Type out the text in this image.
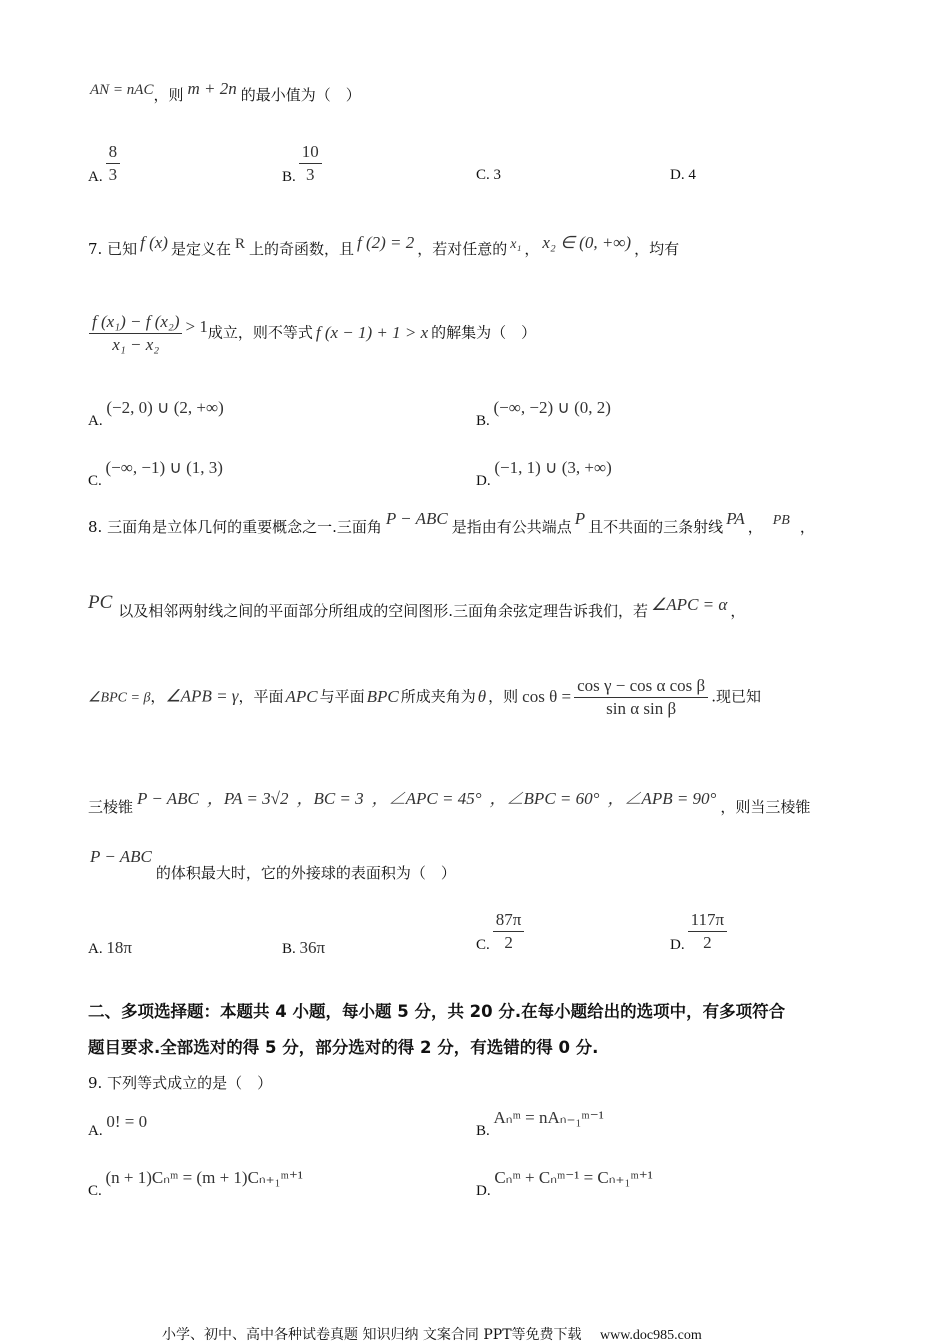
AN = nAC，则 m + 2n 的最小值为（　）
A. $\frac{8}{3}$	B. $\frac{10}{3}$	C. 3	D. 4
7. 已知 f (x) 是定义在 R 上的奇函数，且 f (2) = 2 ，若对任意的 x₁ ， x₂ ∈ (0, +∞) ，均有
$\frac{\text{f (x₁) − f (x₂)}}{\text{x₁ − x₂}} > 1$成立，则不等式 f (x − 1) + 1 > x 的解集为（　）
A. (−2, 0) ∪ (2, +∞)
B. (−∞, −2) ∪ (0, 2)
C. (−∞, −1) ∪ (1, 3)
D. (−1, 1) ∪ (3, +∞)
8. 三面角是立体几何的重要概念之一.三面角 P − ABC 是指由有公共端点 P 且不共面的三条射线 PA ， PB ，
PC 以及相邻两射线之间的平面部分所组成的空间图形.三面角余弦定理告诉我们，若 ∠APC = α ，
∠BPC = β，∠APB = γ，平面 APC 与平面 BPC 所成夹角为 θ ，则 $\cos \theta = \frac{\text{cos γ − cos α cos β}}{\text{sin α sin β}}$ .现已知
三棱锥 P − ABC ，PA = 3√2 ，BC = 3 ，∠APC = 45° ，∠BPC = 60° ，∠APB = 90° ，则当三棱锥
P − ABC的体积最大时，它的外接球的表面积为（　）
A. 18π	B. 36π	C. $\frac{87\pi}{2}$	D. $\frac{117\pi}{2}$
二、多项选择题：本题共 4 小题，每小题 5 分，共 20 分.在每小题给出的选项中，有多项符合
题目要求.全部选对的得 5 分，部分选对的得 2 分，有选错的得 0 分.
9. 下列等式成立的是（　）
A. 0! = 0	B. Aₙᵐ = nAₙ₋₁ᵐ⁻¹
C. (n + 1)Cₙᵐ = (m + 1)Cₙ₊₁ᵐ⁺¹
D. Cₙᵐ + Cₙᵐ⁻¹ = Cₙ₊₁ᵐ⁺¹
小学、初中、高中各种试卷真题 知识归纳 文案合同 PPT等免费下载 www.doc985.com
